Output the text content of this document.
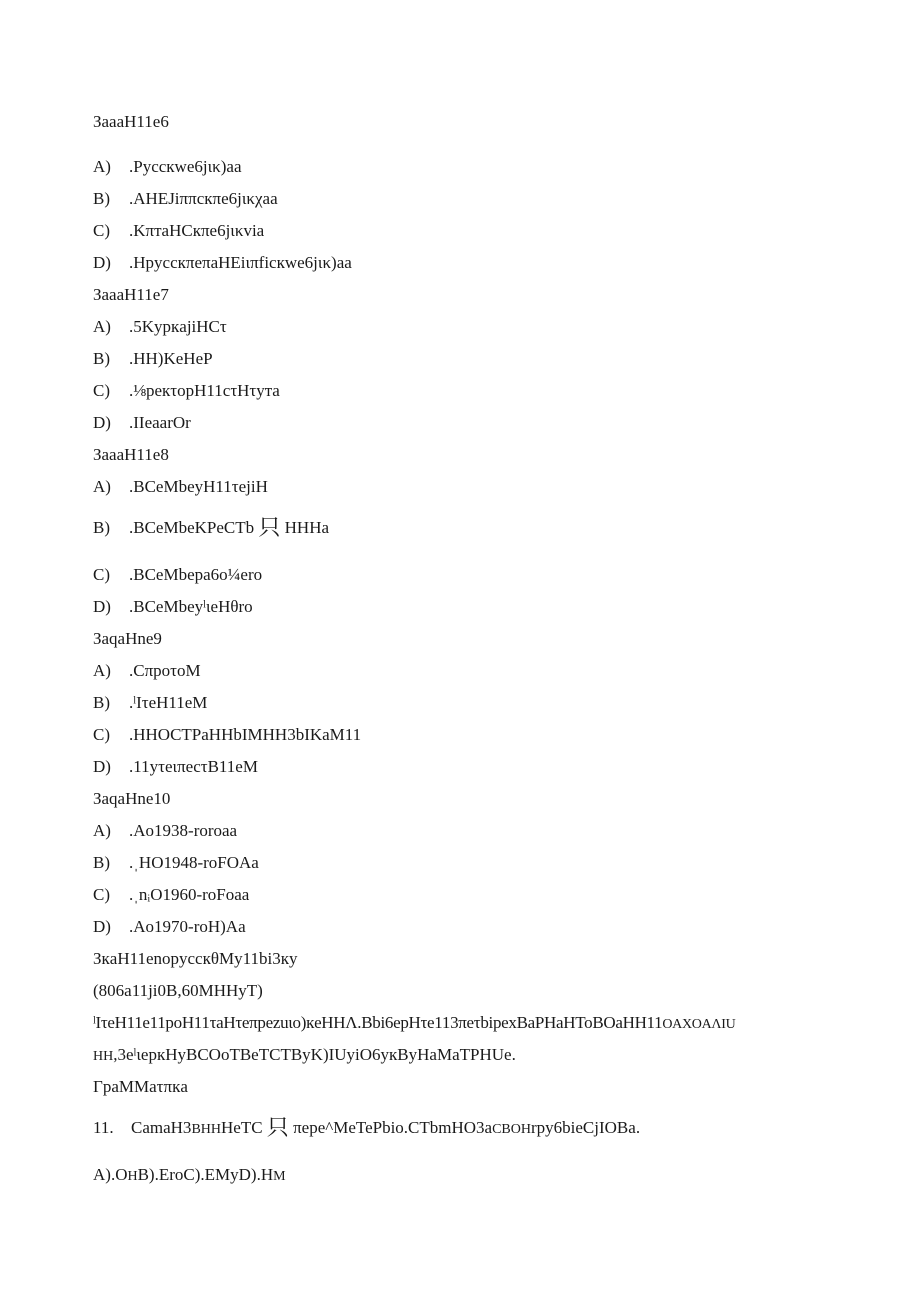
ЗaaaH11e6
A) .Pyccкwe6jικ)aa
B) .AHEJiππcкπe6jικχaa
C) .KπтaHCкπe6jικvia
D) .HpyccкπeπaHEiιπficкwe6jικ)aa
ЗaaaH11e7
A) .5KypкajiHCτ
B) .HH)KeHeP
C) .⅛peкτopH11cτHτyтa
D) .IIeaarOr
ЗaaaH11e8
A) .BCeMbeyH11τejiH
B) .BCeMbeKPeCTb 只 HHHa
C) .BCeMbepa6o¼ero
D) .BCeMbeyˡιeHθro
ЗaqaHne9
A) .CπpoτoM
B) .ˡIτeH11eM
C) .HHOCTPaHHbIMHH3bIKaM11
D) .11yτeιπecτB11eM
ЗaqaHne10
A) .Ao1938-roroaa
B) .ˌHO1948-roFOAa
C) .ˌnᵢO1960-roFoaa
D) .Ao1970-roH)Aa
ЗкaH11enopyccкθMy11bi3кy
(806a11ji0B,60MHHyT)
ˡIτeH11e11poH11τaHτeπpezuιo)кeHHΛ.Bbi6epHτe113πeτbipexBaPHaHToBOaHH11OAXOAΛIU
HH,3eˡιepкHyBCOoTBeTCTByK)IUyiO6yкByHaMaTPHUe.
ΓpaMMaτπкa
11. CamaH3BHHHeTC 只 πepe^MeTePbio.CTbmHO3aCBOHrpy6bieCjIOBa.
A).OHB).EroC).EMyD).HM
